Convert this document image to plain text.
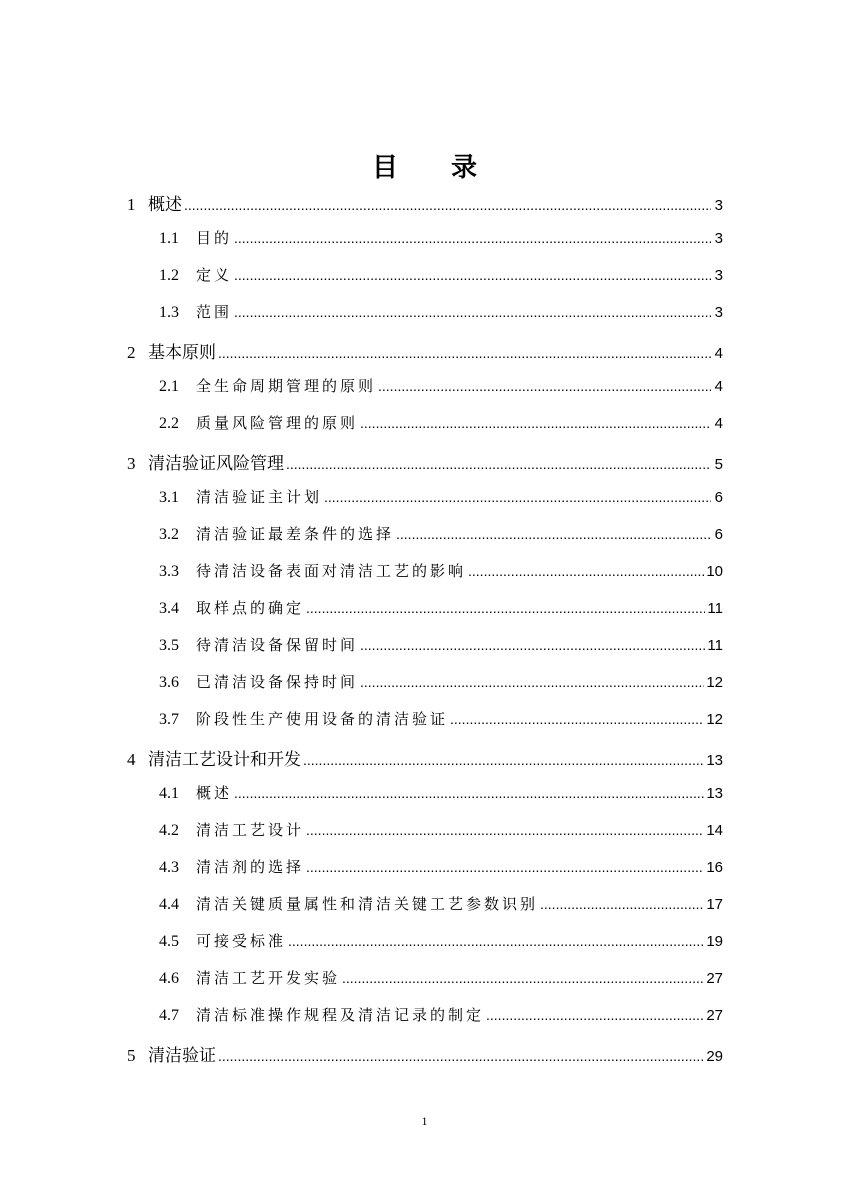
目 录
1 概述 .....	3
1.1	目的 .....	3
1.2	定义 .....	3
1.3	范围 .....	3
2 基本原则 .....	4
2.1	全生命周期管理的原则 .....	4
2.2	质量风险管理的原则 .....	4
3 清洁验证风险管理 .....	5
3.1	清洁验证主计划 .....	6
3.2	清洁验证最差条件的选择 .....	6
3.3	待清洁设备表面对清洁工艺的影响 .....	10
3.4	取样点的确定 .....	11
3.5	待清洁设备保留时间 .....	11
3.6	已清洁设备保持时间 .....	12
3.7	阶段性生产使用设备的清洁验证 .....	12
4 清洁工艺设计和开发 .....	13
4.1	概述 .....	13
4.2	清洁工艺设计 .....	14
4.3	清洁剂的选择 .....	16
4.4	清洁关键质量属性和清洁关键工艺参数识别 .....	17
4.5	可接受标准 .....	19
4.6	清洁工艺开发实验 .....	27
4.7	清洁标准操作规程及清洁记录的制定 .....	27
5 清洁验证 .....	29
1
